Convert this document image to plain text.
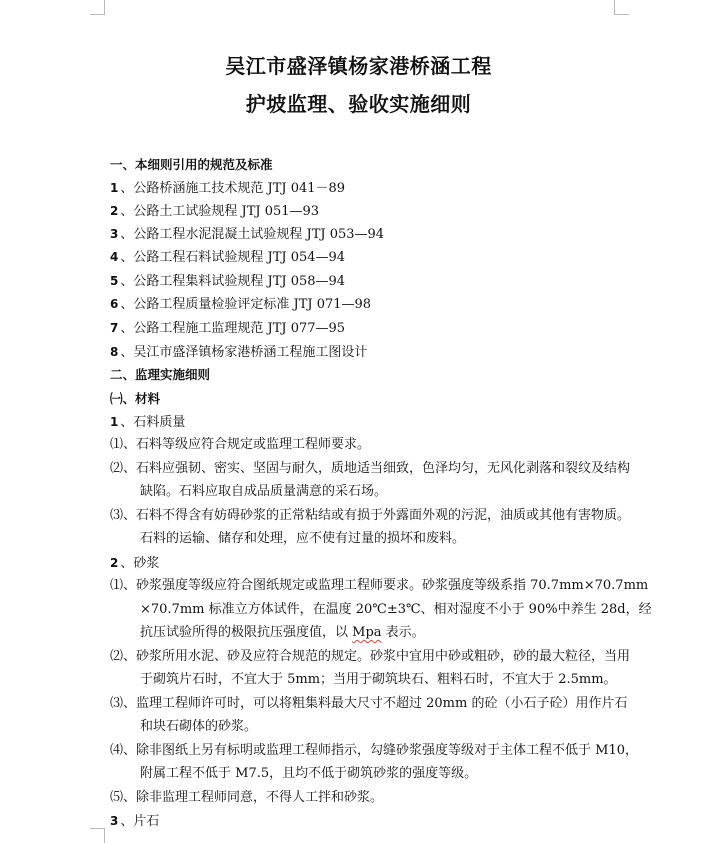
吴江市盛泽镇杨家港桥涵工程
护坡监理、验收实施细则
一、本细则引用的规范及标准
1 、公路桥涵施工技术规范 JTJ 041－89
2 、公路土工试验规程 JTJ 051—93
3 、公路工程水泥混凝土试验规程 JTJ 053—94
4 、公路工程石料试验规程 JTJ 054—94
5 、公路工程集料试验规程 JTJ 058—94
6 、公路工程质量检验评定标准 JTJ 071—98
7 、公路工程施工监理规范 JTJ 077—95
8 、吴江市盛泽镇杨家港桥涵工程施工图设计
二、监理实施细则
㈠、材料
1 、石料质量
⑴、石料等级应符合规定或监理工程师要求。
⑵、石料应强韧、密实、坚固与耐久，质地适当细致，色泽均匀，无风化剥落和裂纹及结构
缺陷。石料应取自成品质量满意的采石场。
⑶、石料不得含有妨碍砂浆的正常粘结或有损于外露面外观的污泥，油质或其他有害物质。
石料的运输、储存和处理，应不使有过量的损坏和废料。
2 、砂浆
⑴、砂浆强度等级应符合图纸规定或监理工程师要求。砂浆强度等级系指 70.7mm×70.7mm
×70.7mm 标准立方体试件，在温度 20℃±3℃、相对湿度不小于 90%中养生 28d，经
抗压试验所得的极限抗压强度值，以 Mpa 表示。
⑵、砂浆所用水泥、砂及应符合规范的规定。砂浆中宜用中砂或粗砂，砂的最大粒径，当用
于砌筑片石时，不宜大于 5mm；当用于砌筑块石、粗料石时，不宜大于 2.5mm。
⑶、监理工程师许可时，可以将粗集料最大尺寸不超过 20mm 的砼（小石子砼）用作片石
和块石砌体的砂浆。
⑷、除非图纸上另有标明或监理工程师指示，勾缝砂浆强度等级对于主体工程不低于 M10，
附属工程不低于 M7.5，且均不低于砌筑砂浆的强度等级。
⑸、除非监理工程师同意，不得人工拌和砂浆。
3 、片石
